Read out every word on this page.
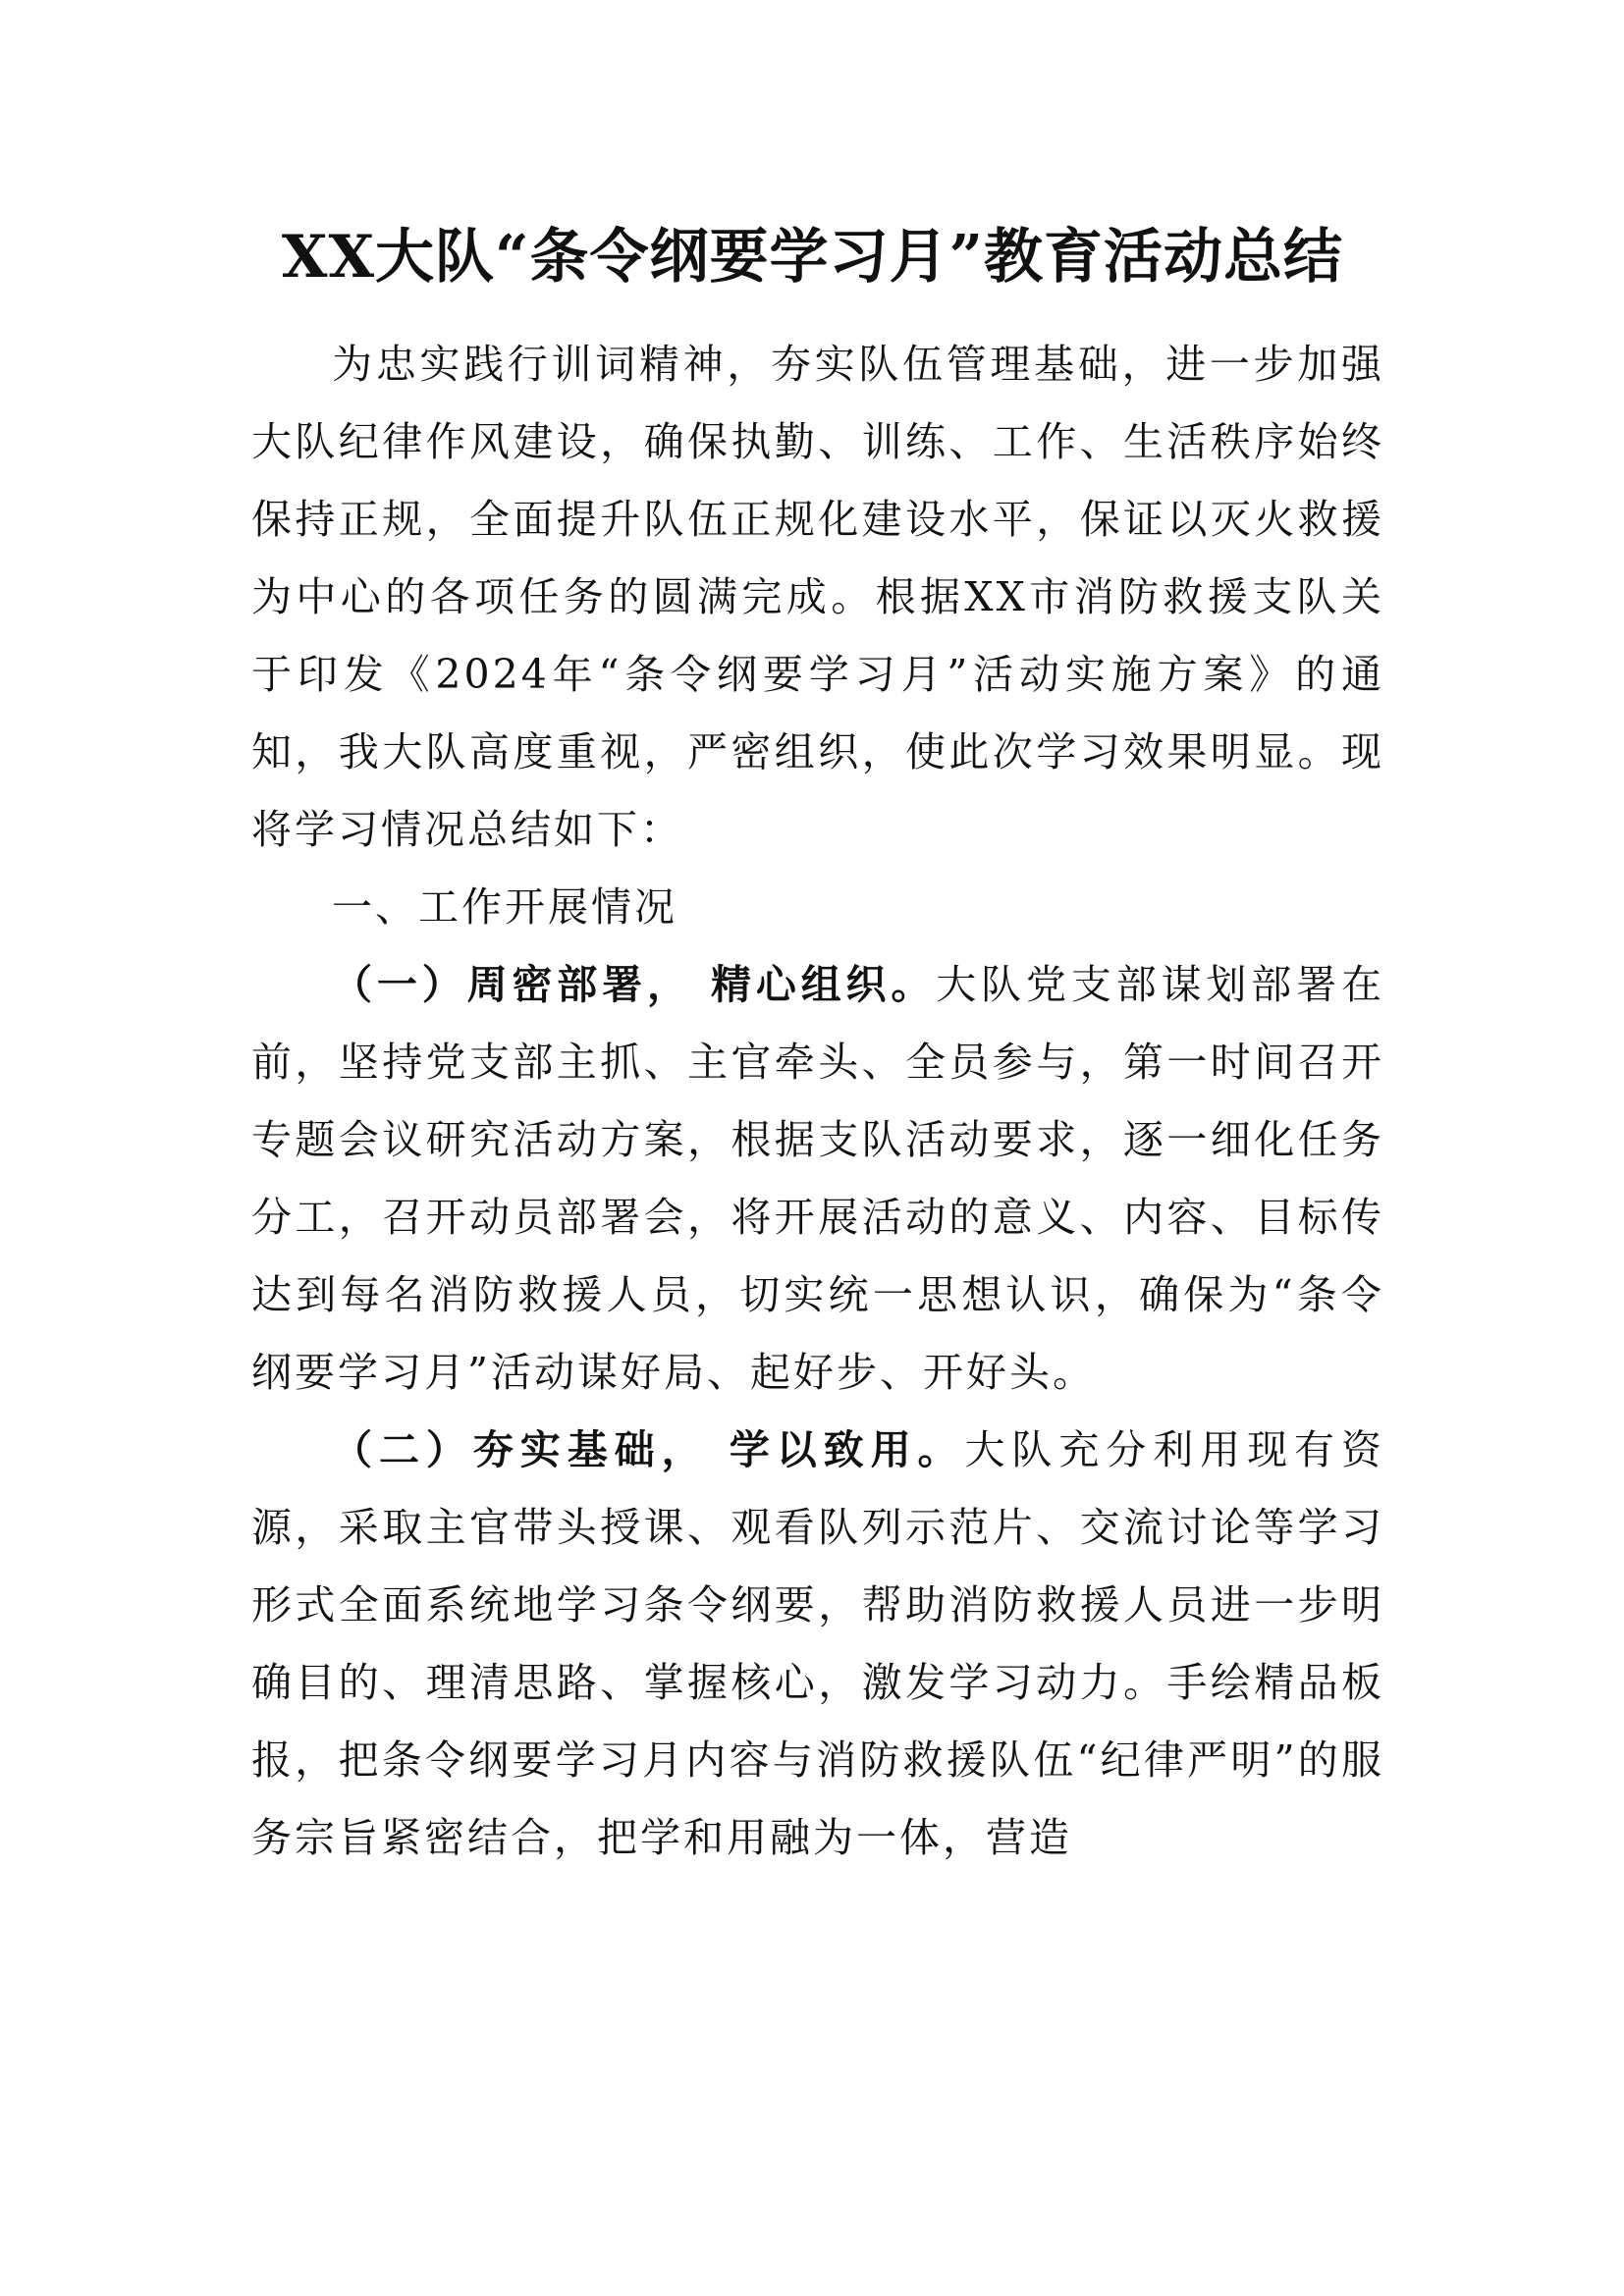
XX大队“条令纲要学习月”教育活动总结

为忠实践行训词精神，夯实队伍管理基础，进一步加强大队纪律作风建设，确保执勤、训练、工作、生活秩序始终保持正规，全面提升队伍正规化建设水平，保证以灭火救援为中心的各项任务的圆满完成。根据XX市消防救援支队关于印发《2024年“条令纲要学习月”活动实施方案》的通知，我大队高度重视，严密组织，使此次学习效果明显。现将学习情况总结如下：

一、工作开展情况

（一）周密部署， 精心组织。大队党支部谋划部署在前，坚持党支部主抓、主官牵头、全员参与，第一时间召开专题会议研究活动方案，根据支队活动要求，逐一细化任务分工，召开动员部署会，将开展活动的意义、内容、目标传达到每名消防救援人员，切实统一思想认识，确保为“条令纲要学习月”活动谋好局、起好步、开好头。

（二）夯实基础， 学以致用。大队充分利用现有资源，采取主官带头授课、观看队列示范片、交流讨论等学习形式全面系统地学习条令纲要，帮助消防救援人员进一步明确目的、理清思路、掌握核心，激发学习动力。手绘精品板报，把条令纲要学习月内容与消防救援队伍“纪律严明”的服务宗旨紧密结合，把学和用融为一体，营造
